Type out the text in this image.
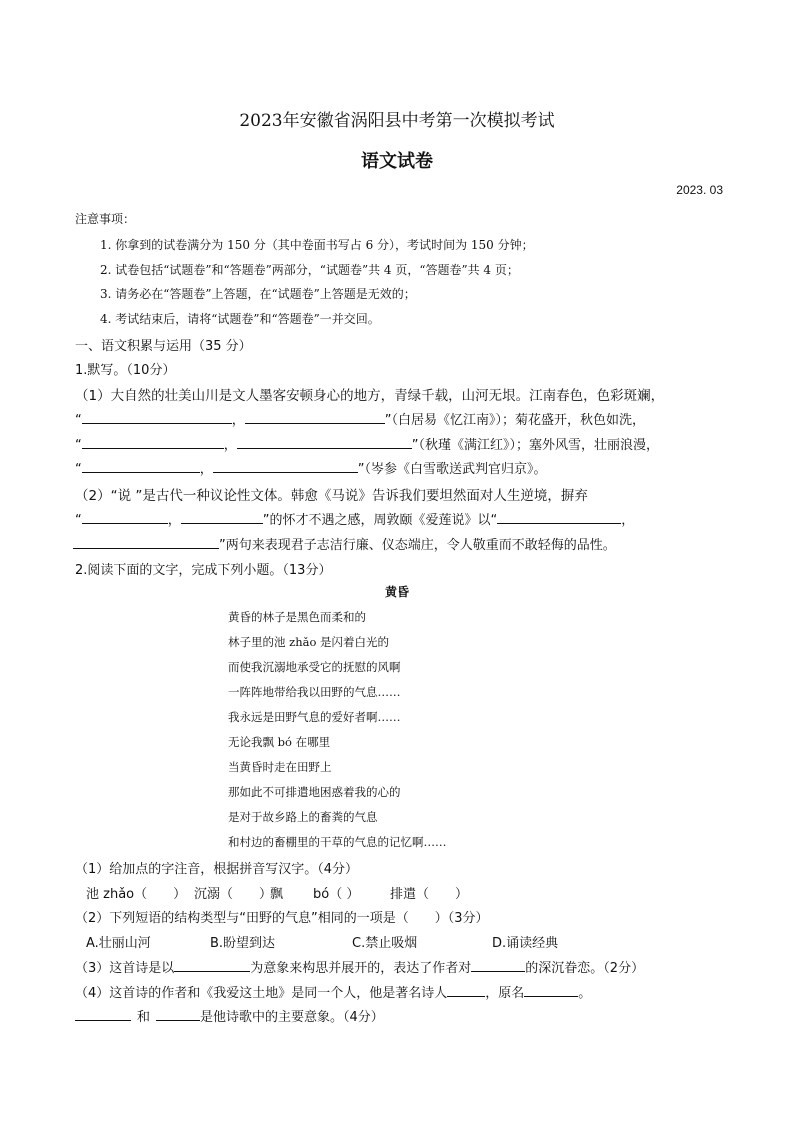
2023年安徽省涡阳县中考第一次模拟考试
语文试卷
2023. 03
注意事项：
1. 你拿到的试卷满分为 150 分（其中卷面书写占 6 分），考试时间为 150 分钟；
2. 试卷包括“试题卷”和“答题卷”两部分，“试题卷”共 4 页，“答题卷”共 4 页；
3. 请务必在“答题卷”上答题，在“试题卷”上答题是无效的；
4. 考试结束后，请将“试题卷”和“答题卷”一并交回。
一、语文积累与运用（35 分）
1.默写。（10分）
（1）大自然的壮美山川是文人墨客安顿身心的地方，青绿千载，山河无垠。江南春色，色彩斑斓，
“	，	”（白居易《忆江南》）；菊花盛开，秋色如洗，
“	，	”（秋瑾《满江红》）；塞外风雪，壮丽浪漫，
“	，	”（岑参《白雪歌送武判官归京》。
（2）“说 ”是古代一种议论性文体。韩愈《马说》告诉我们要坦然面对人生逆境，摒弃
“	，	”的怀才不遇之感，周敦颐《爱莲说》以“	，
”两句来表现君子志洁行廉、仪态端庄，令人敬重而不敢轻侮的品性。
2.阅读下面的文字，完成下列小题。（13分）
黄昏
黄昏的林子是黑色而柔和的
林子里的池 zhǎo 是闪着白光的
而使我沉溺地承受它的抚慰的风啊
一阵阵地带给我以田野的气息……
我永远是田野气息的爱好者啊……
无论我飘 bó 在哪里
当黄昏时走在田野上
那如此不可排遣地困惑着我的心的
是对于故乡路上的畜粪的气息
和村边的畜棚里的干草的气息的记忆啊……
（1）给加点的字注音，根据拼音写汉字。（4分）
池 zhǎo（　　） 沉溺（　　）
飘 bó（ ） 排遣（　　）
（2）下列短语的结构类型与“田野的气息”相同的一项是（　　）（3分）
A.壮丽山河	B.盼望到达	C.禁止吸烟	D.诵读经典
（3）这首诗是以	为意象来构思并展开的，表达了作者对	的深沉眷恋。（2分）
（4）这首诗的作者和《我爱这土地》是同一个人，他是著名诗人	，原名	。
和	是他诗歌中的主要意象。（4分）
